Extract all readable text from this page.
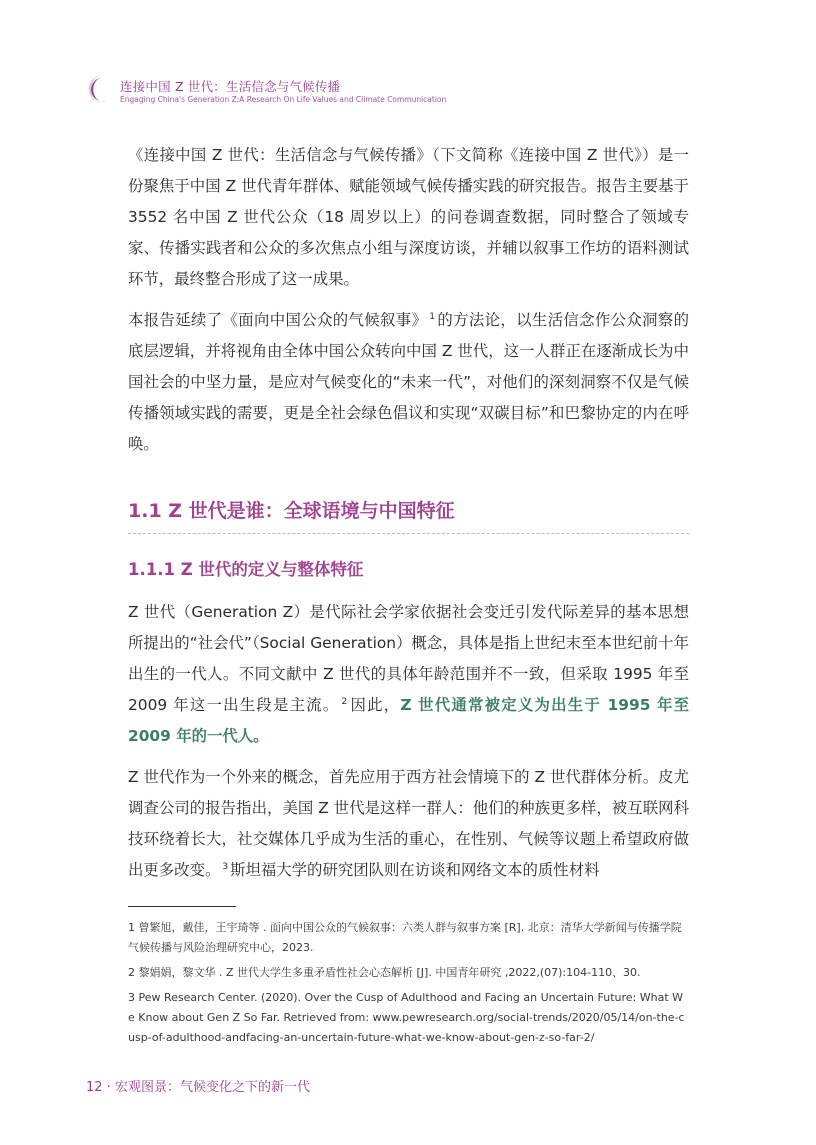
连接中国 Z 世代：生活信念与气候传播
Engaging China's Generation Z:A Research On Life Values and Climate Communication

《连接中国 Z 世代：生活信念与气候传播》（下文简称《连接中国 Z 世代》）是一份聚焦于中国 Z 世代青年群体、赋能领域气候传播实践的研究报告。报告主要基于 3552 名中国 Z 世代公众（18 周岁以上）的问卷调查数据，同时整合了领域专家、传播实践者和公众的多次焦点小组与深度访谈，并辅以叙事工作坊的语料测试环节，最终整合形成了这一成果。

本报告延续了《面向中国公众的气候叙事》 $^1$ 的方法论，以生活信念作公众洞察的底层逻辑，并将视角由全体中国公众转向中国 Z 世代，这一人群正在逐渐成长为中国社会的中坚力量，是应对气候变化的“未来一代”，对他们的深刻洞察不仅是气候传播领域实践的需要，更是全社会绿色倡议和实现“双碳目标”和巴黎协定的内在呼唤。

1.1 Z 世代是谁：全球语境与中国特征
1.1.1 Z 世代的定义与整体特征

Z 世代（Generation Z）是代际社会学家依据社会变迁引发代际差异的基本思想所提出的“社会代”（Social Generation）概念，具体是指上世纪末至本世纪前十年出生的一代人。不同文献中 Z 世代的具体年龄范围并不一致，但采取 1995 年至 2009 年这一出生段是主流。 $^2$ 因此，Z 世代通常被定义为出生于 1995 年至 2009 年的一代人。

Z 世代作为一个外来的概念，首先应用于西方社会情境下的 Z 世代群体分析。皮尤调查公司的报告指出，美国 Z 世代是这样一群人：他们的种族更多样，被互联网科技环绕着长大，社交媒体几乎成为生活的重心，在性别、气候等议题上希望政府做出更多改变。 $^3$ 斯坦福大学的研究团队则在访谈和网络文本的质性材料

1 曾繁旭，戴佳，王宇琦等 . 面向中国公众的气候叙事：六类人群与叙事方案 [R]. 北京：清华大学新闻与传播学院气候传播与风险治理研究中心，2023.

2 黎娟娟，黎文华 . Z 世代大学生多重矛盾性社会心态解析 [J]. 中国青年研究 ,2022,(07):104-110、30.

3 Pew Research Center. (2020). Over the Cusp of Adulthood and Facing an Uncertain Future: What We Know about Gen Z So Far. Retrieved from: www.pewresearch.org/social-trends/2020/05/14/on-the-cusp-of-adulthood-andfacing-an-uncertain-future-what-we-know-about-gen-z-so-far-2/

12 · 宏观图景：气候变化之下的新一代
